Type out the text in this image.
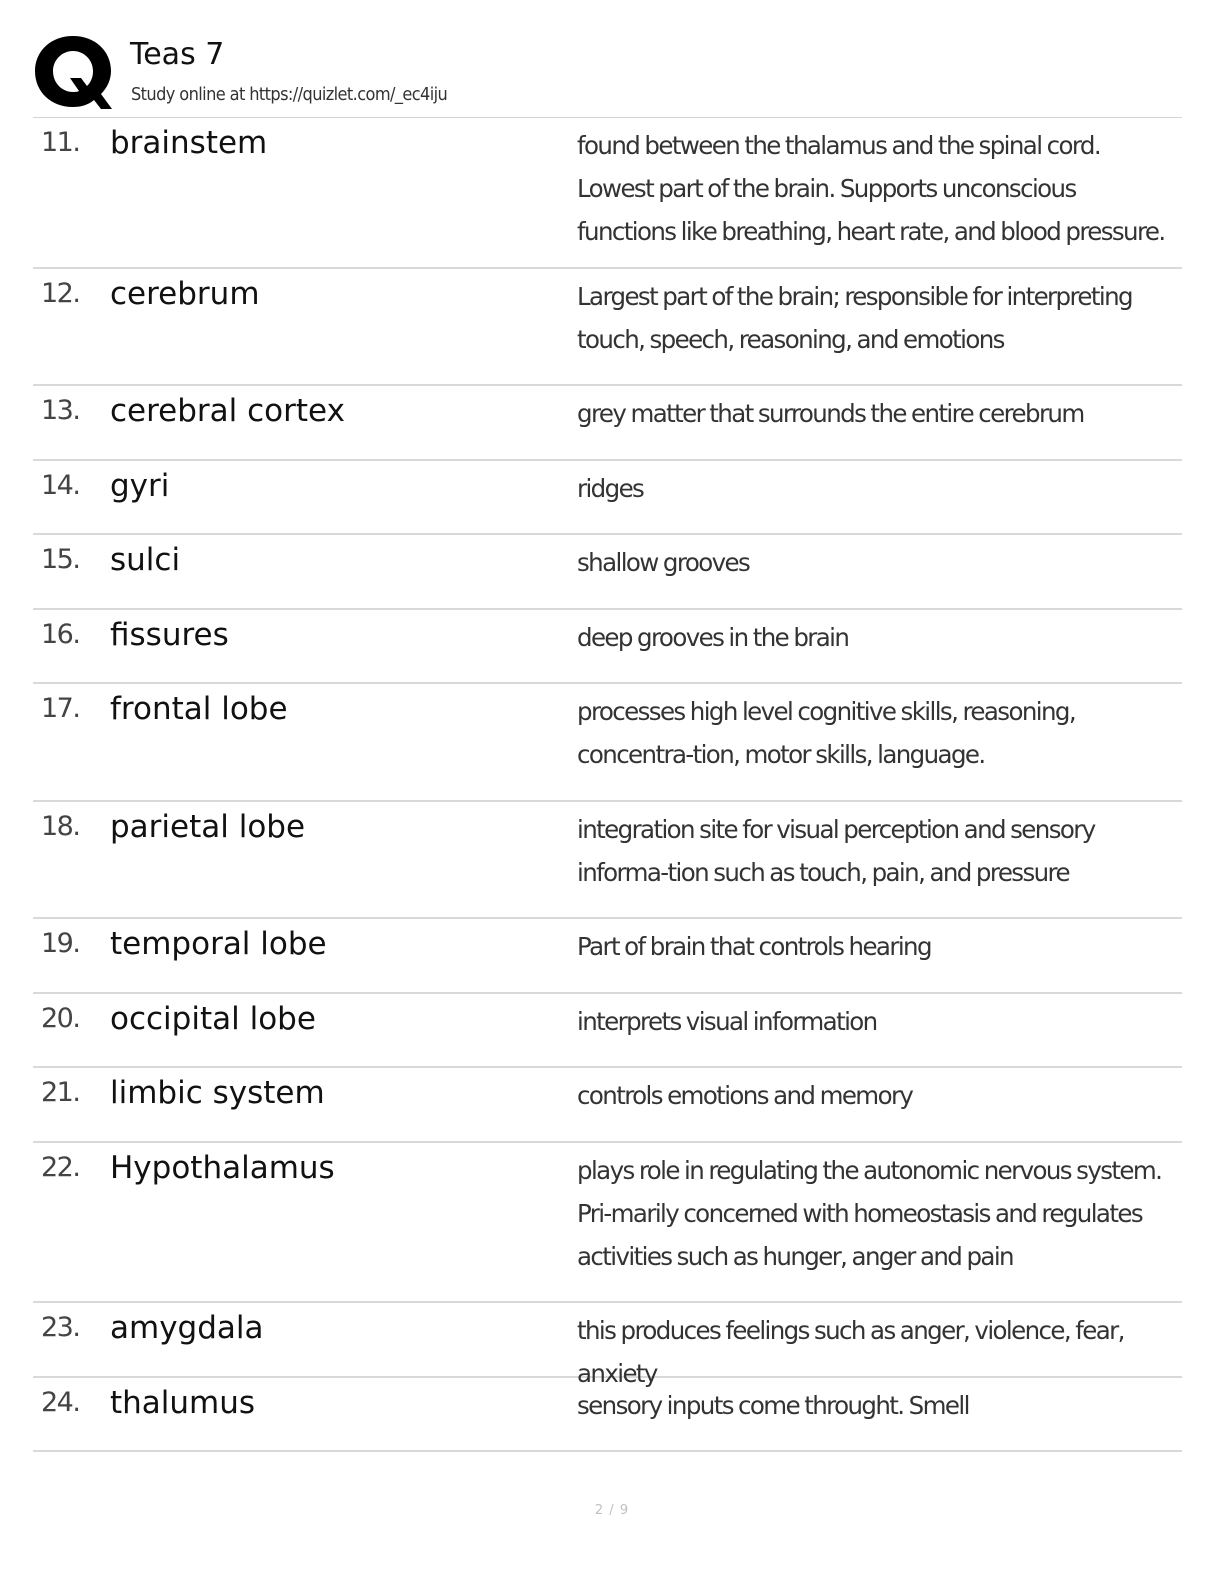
Teas 7
Study online at https://quizlet.com/_ec4iju
11. brainstem	found between the thalamus and the spinal cord. Lowest part of the brain. Supports unconscious functions like breathing, heart rate, and blood pressure.
12. cerebrum	Largest part of the brain; responsible for interpreting touch, speech, reasoning, and emotions
13. cerebral cortex	grey matter that surrounds the entire cerebrum
14. gyri	ridges
15. sulci	shallow grooves
16. fissures	deep grooves in the brain
17. frontal lobe	processes high level cognitive skills, reasoning, concentra-tion, motor skills, language.
18. parietal lobe	integration site for visual perception and sensory informa-tion such as touch, pain, and pressure
19. temporal lobe	Part of brain that controls hearing
20. occipital lobe	interprets visual information
21. limbic system	controls emotions and memory
22. Hypothalamus	plays role in regulating the autonomic nervous system. Pri-marily concerned with homeostasis and regulates activities such as hunger, anger and pain
23. amygdala	this produces feelings such as anger, violence, fear, anxiety
24. thalumus	sensory inputs come throught. Smell
2 / 9
